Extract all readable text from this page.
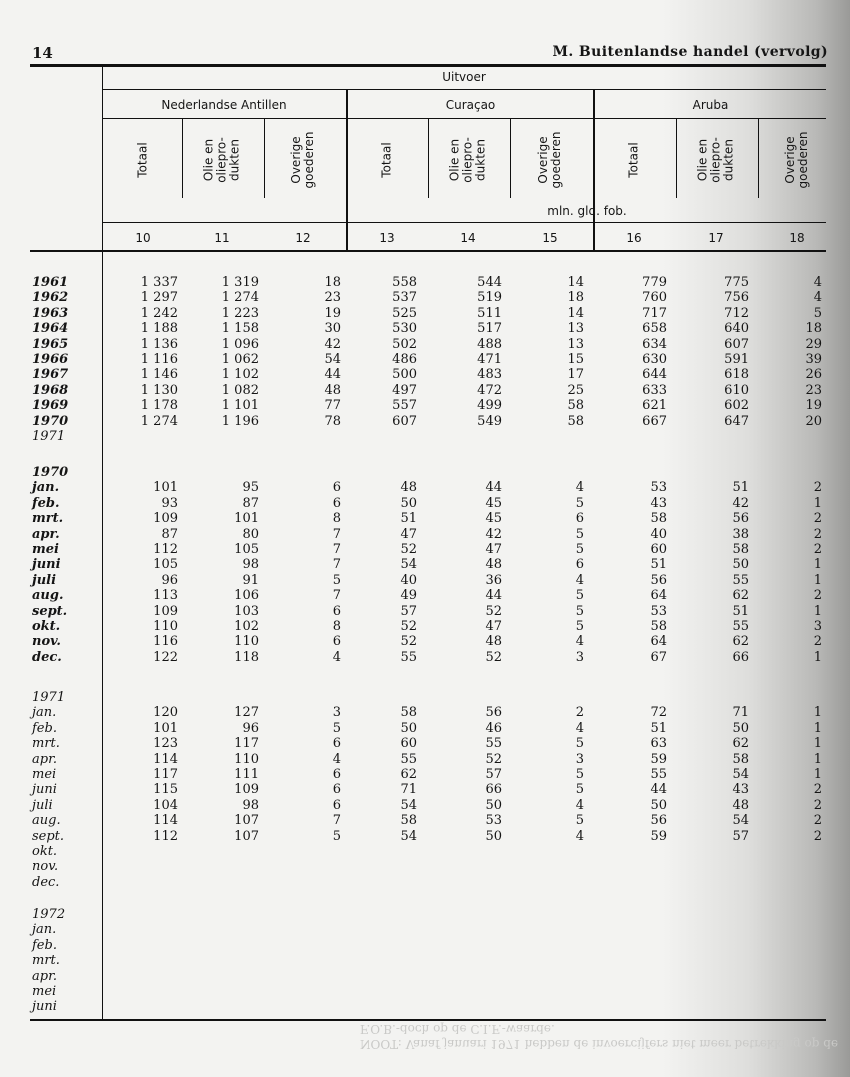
14	M. Buitenlandse handel (vervolg)
Uitvoer
Nederlandse Antillen	Curaçao	Aruba
Totaal	Olie en
oliepro-
dukten	Overige
goederen	Totaal	Olie en
oliepro-
dukten	Overige
goederen	Totaal	Olie en
oliepro-
dukten	Overige
goederen
mln. gld. fob.
10	11	12	13	14	15	16	17	18
1961	1 337	1 319	18	558	544	14	779	775	4
1962	1 297	1 274	23	537	519	18	760	756	4
1963	1 242	1 223	19	525	511	14	717	712	5
1964	1 188	1 158	30	530	517	13	658	640	18
1965	1 136	1 096	42	502	488	13	634	607	29
1966	1 116	1 062	54	486	471	15	630	591	39
1967	1 146	1 102	44	500	483	17	644	618	26
1968	1 130	1 082	48	497	472	25	633	610	23
1969	1 178	1 101	77	557	499	58	621	602	19
1970	1 274	1 196	78	607	549	58	667	647	20
1971
1970
jan.	101	95	6	48	44	4	53	51	2
feb.	93	87	6	50	45	5	43	42	1
mrt.	109	101	8	51	45	6	58	56	2
apr.	87	80	7	47	42	5	40	38	2
mei	112	105	7	52	47	5	60	58	2
juni	105	98	7	54	48	6	51	50	1
juli	96	91	5	40	36	4	56	55	1
aug.	113	106	7	49	44	5	64	62	2
sept.	109	103	6	57	52	5	53	51	1
okt.	110	102	8	52	47	5	58	55	3
nov.	116	110	6	52	48	4	64	62	2
dec.	122	118	4	55	52	3	67	66	1
1971
jan.	120	127	3	58	56	2	72	71	1
feb.	101	96	5	50	46	4	51	50	1
mrt.	123	117	6	60	55	5	63	62	1
apr.	114	110	4	55	52	3	59	58	1
mei	117	111	6	62	57	5	55	54	1
juni	115	109	6	71	66	5	44	43	2
juli	104	98	6	54	50	4	50	48	2
aug.	114	107	7	58	53	5	56	54	2
sept.	112	107	5	54	50	4	59	57	2
okt.
nov.
dec.
1972
jan.
feb.
mrt.
apr.
mei
juni
NOOT: Vanaf januari 1971 hebben de invoercijfers niet meer betrekking op de F.O.B.-doch op de C.I.F.-waarde.
